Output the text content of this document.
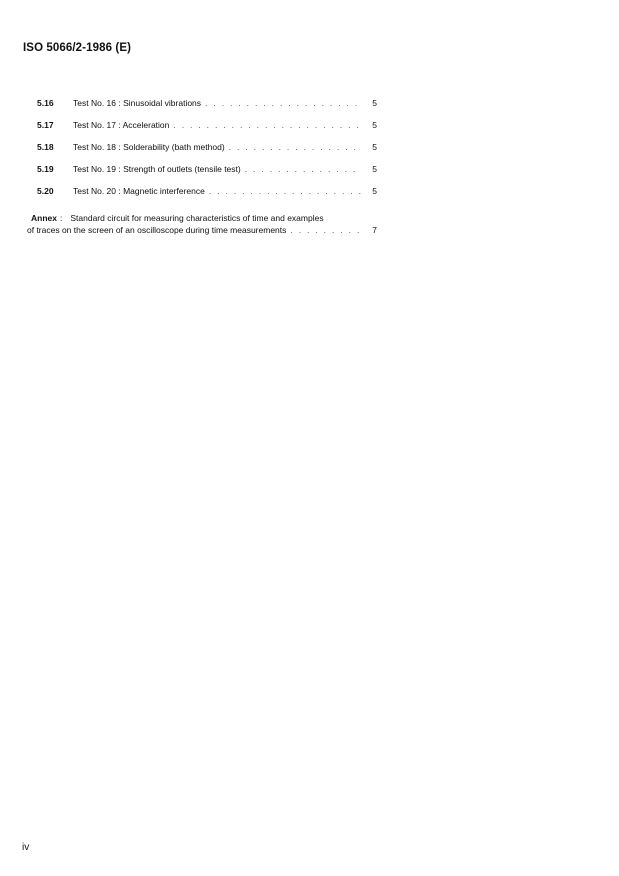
ISO 5066/2-1986 (E)
5.16	Test No. 16 : Sinusoidal vibrations . . .	5
5.17	Test No. 17 : Acceleration . . .	5
5.18	Test No. 18 : Solderability (bath method) . . .	5
5.19	Test No. 19 : Strength of outlets (tensile test) . . .	5
5.20	Test No. 20 : Magnetic interference . . .	5
Annex : Standard circuit for measuring characteristics of time and examples
of traces on the screen of an oscilloscope during time measurements . . .	7
iv
